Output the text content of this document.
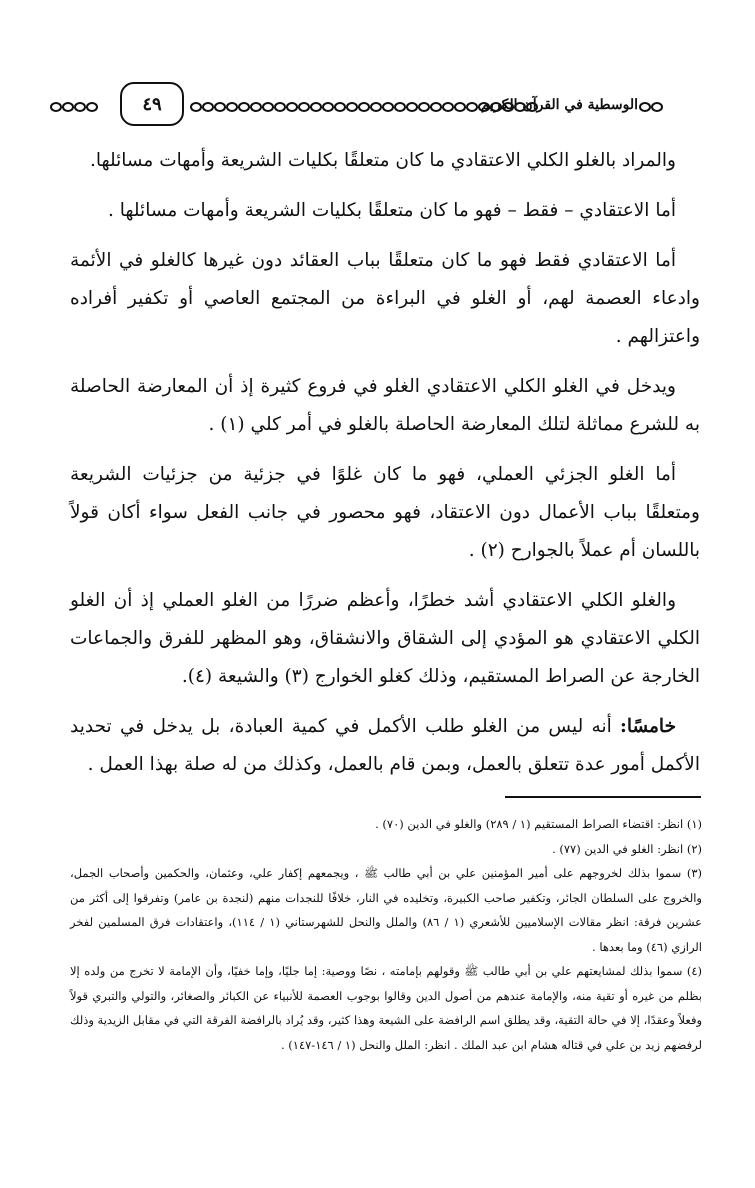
٤٩	الوسطية في القرآن الكريم

والمراد بالغلو الكلي الاعتقادي ما كان متعلقًا بكليات الشريعة وأمهات مسائلها.

أما الاعتقادي – فقط – فهو ما كان متعلقًا بكليات الشريعة وأمهات مسائلها .

أما الاعتقادي فقط فهو ما كان متعلقًا بباب العقائد دون غيرها كالغلو في الأئمة وادعاء العصمة لهم، أو الغلو في البراءة من المجتمع العاصي أو تكفير أفراده واعتزالهم .

ويدخل في الغلو الكلي الاعتقادي الغلو في فروع كثيرة إذ أن المعارضة الحاصلة به للشرع مماثلة لتلك المعارضة الحاصلة بالغلو في أمر كلي (١) .

أما الغلو الجزئي العملي، فهو ما كان غلوًا في جزئية من جزئيات الشريعة ومتعلقًا بباب الأعمال دون الاعتقاد، فهو محصور في جانب الفعل سواء أكان قولاً باللسان أم عملاً بالجوارح (٢) .

والغلو الكلي الاعتقادي أشد خطرًا، وأعظم ضررًا من الغلو العملي إذ أن الغلو الكلي الاعتقادي هو المؤدي إلى الشقاق والانشقاق، وهو المظهر للفرق والجماعات الخارجة عن الصراط المستقيم، وذلك كغلو الخوارج (٣) والشيعة (٤).

خامسًا: أنه ليس من الغلو طلب الأكمل في كمية العبادة، بل يدخل في تحديد الأكمل أمور عدة تتعلق بالعمل، وبمن قام بالعمل، وكذلك من له صلة بهذا العمل .

(١) انظر: اقتضاء الصراط المستقيم (١ / ٢٨٩) والغلو في الدين (٧٠) .

(٢) انظر: الغلو في الدين (٧٧) .

(٣) سموا بذلك لخروجهم على أمير المؤمنين علي بن أبي طالب ﷺ ، ويجمعهم إكفار علي، وعثمان، والحكمين وأصحاب الجمل، والخروج على السلطان الجائر، وتكفير صاحب الكبيرة، وتخليده في النار، خلافًا للنجدات منهم (لنجدة بن عامر) وتفرقوا إلى أكثر من عشرين فرقة: انظر مقالات الإسلاميين للأشعري (١ / ٨٦) والملل والنحل للشهرستاني (١ / ١١٤)، واعتقادات فرق المسلمين لفخر الرازي (٤٦) وما بعدها .

(٤) سموا بذلك لمشايعتهم علي بن أبي طالب ﷺ وقولهم بإمامته ، نصًا ووصية: إما جليًا، وإما خفيًا، وأن الإمامة لا تخرج من ولده إلا بظلم من غيره أو تقية منه، والإمامة عندهم من أصول الدين وقالوا بوجوب العصمة للأنبياء عن الكبائر والصغائر، والتولي والتبري قولاً وفعلاً وعقدًا، إلا في حالة التقية، وقد يطلق اسم الرافضة على الشيعة وهذا كثير، وقد يُراد بالرافضة الفرقة التي في مقابل الزيدية وذلك لرفضهم زيد بن علي في قتاله هشام ابن عبد الملك . انظر: الملل والنحل (١ / ١٤٦-١٤٧) .
